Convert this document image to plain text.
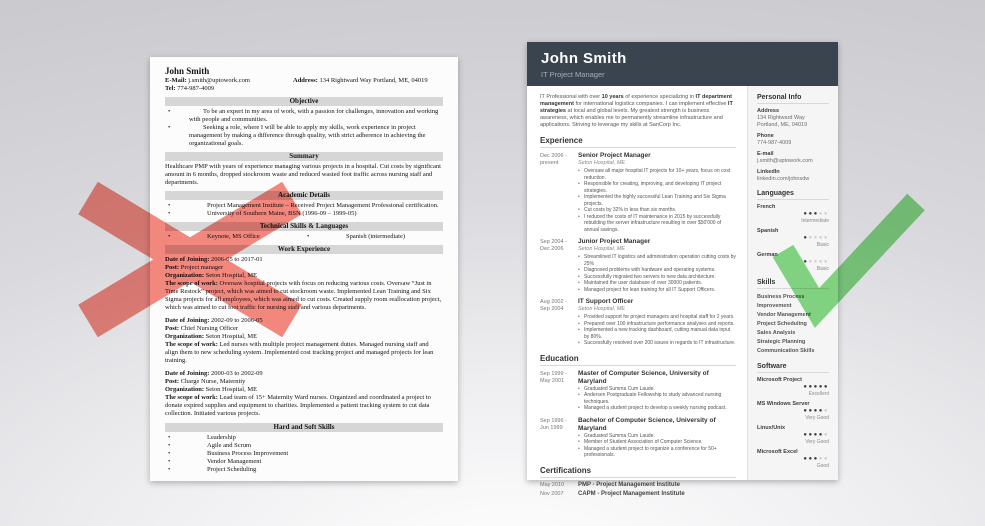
John Smith
E-Mail: j.smith@uptowork.com
Tel: 774-987-4009
Address: 134 Rightward Way Portland, ME, 04019
Objective
• To be an expert in my area of work, with a passion for challenges, innovation and working with people and communities.
• Seeking a role, where I will be able to apply my skills, work experience in project management by making a difference through quality, with strict adherence in achieving the organizational goals.
Summary
Healthcare PMP with years of experience managing various projects in a hospital. Cut costs by significant amount in 6 months, dropped stockroom waste and reduced wasted foot traffic across nursing staff and departments.
Academic Details
• Project Management Institute – Received Project Management Professional certification.
• University of Southern Maine, BSN (1996-09 – 1999-05)
Technical Skills & Languages
• Keynote, MS Office	• Spanish (intermediate)
Work Experience
Date of Joining: 2006-05 to 2017-01
Post: Project manager
Organization: Seton Hospital, ME
The scope of work: Oversaw hospital projects with focus on reducing various costs. Oversaw “Just in Time Restock” project, which was aimed to cut stockroom waste. Implemented Lean Training and Six Sigma projects for all employees, which was aimed to cut costs. Created supply room reallocation project, which was aimed to cut foot traffic for nursing staff and various departments.
Date of Joining: 2002-09 to 2006-05
Post: Chief Nursing Officer
Organization: Seton Hospital, ME
The scope of work: Led nurses with multiple project management duties. Managed nursing staff and align them to new scheduling system. Implemented cost tracking project and managed projects for lean training.
Date of Joining: 2000-03 to 2002-09
Post: Charge Nurse, Maternity
Organization: Seton Hospital, ME
The scope of work: Lead team of 15+ Maternity Ward nurses. Organized and coordinated a project to donate expired supplies and equipment to charities. Implemented a patient tracking system to cut data collection. Initiated various projects.
Hard and Soft Skills
• Leadership
• Agile and Scrum
• Business Process Improvement
• Vendor Management
• Project Scheduling
John Smith
IT Project Manager
IT Professional with over 10 years of experience specializing in IT department management for international logistics companies. I can implement effective IT strategies at local and global levels. My greatest strength is business awareness, which enables me to permanently streamline infrastructure and applications. Striving to leverage my skills at SanCorp Inc.
Experience
Dec 2006 -
present
Senior Project Manager
Seton Hospital, ME
• Oversaw all major hospital IT projects for 10+ years, focus on cost reduction.
• Responsible for creating, improving, and developing IT project strategies.
• Implemented the highly successful Lean Training and Six Sigma projects.
• Cut costs by 32% in less than six months.
• I reduced the costs of IT maintenance in 2015 by successfully rebuilding the server infrastructure resulting in over $50'000 of annual savings.
Sep 2004 -
Dec 2006
Junior Project Manager
Seton Hospital, ME
• Streamlined IT logistics and administration operation cutting costs by 25%
• Diagnosed problems with hardware and operating systems.
• Successfully migrated two servers to new data architecture.
• Maintained the user database of over 30000 patients.
• Managed project for lean training for all IT Support Officers.
Aug 2002 -
Sep 2004
IT Support Officer
Seton Hospital, ME
• Provided support for project managers and hospital staff for 2 years.
• Prepared over 100 infrastructure performance analyses and reports.
• Implemented a new tracking dashboard, cutting manual data input by 80%.
• Successfully resolved over 200 issues in regards to IT infrastructure.
Education
Sep 1999 -
May 2001
Master of Computer Science, University of Maryland
• Graduated Summa Cum Laude.
• Andersen Postgraduate Fellowship to study advanced nursing techniques.
• Managed a student project to develop a weekly nursing podcast.
Sep 1996 -
Jun 1999
Bachelor of Computer Science, University of Maryland
• Graduated Summa Cum Laude.
• Member of Student Association of Computer Science.
• Managed a student project to organize a conference for 50+ professionals.
Certifications
May 2010	PMP - Project Management Institute
Nov 2007	CAPM - Project Management Institute
Personal Info
Address
134 Rightward Way
Portland, ME, 04019
Phone
774-987-4009
E-mail
j.smith@uptowork.com
LinkedIn
linkedin.com/johnsdw
Languages
French
●●●●●
Intermediate
Spanish
●●●●●
Basic
German
●●●●●
Basic
Skills
Business Process Improvement
Vendor Management
Project Scheduling
Sales Analysis
Strategic Planning
Communication Skills
Software
Microsoft Project
●●●●●
Excellent
MS Windows Server
●●●●●
Very Good
Linux/Unix
●●●●●
Very Good
Microsoft Excel
●●●●●
Good
